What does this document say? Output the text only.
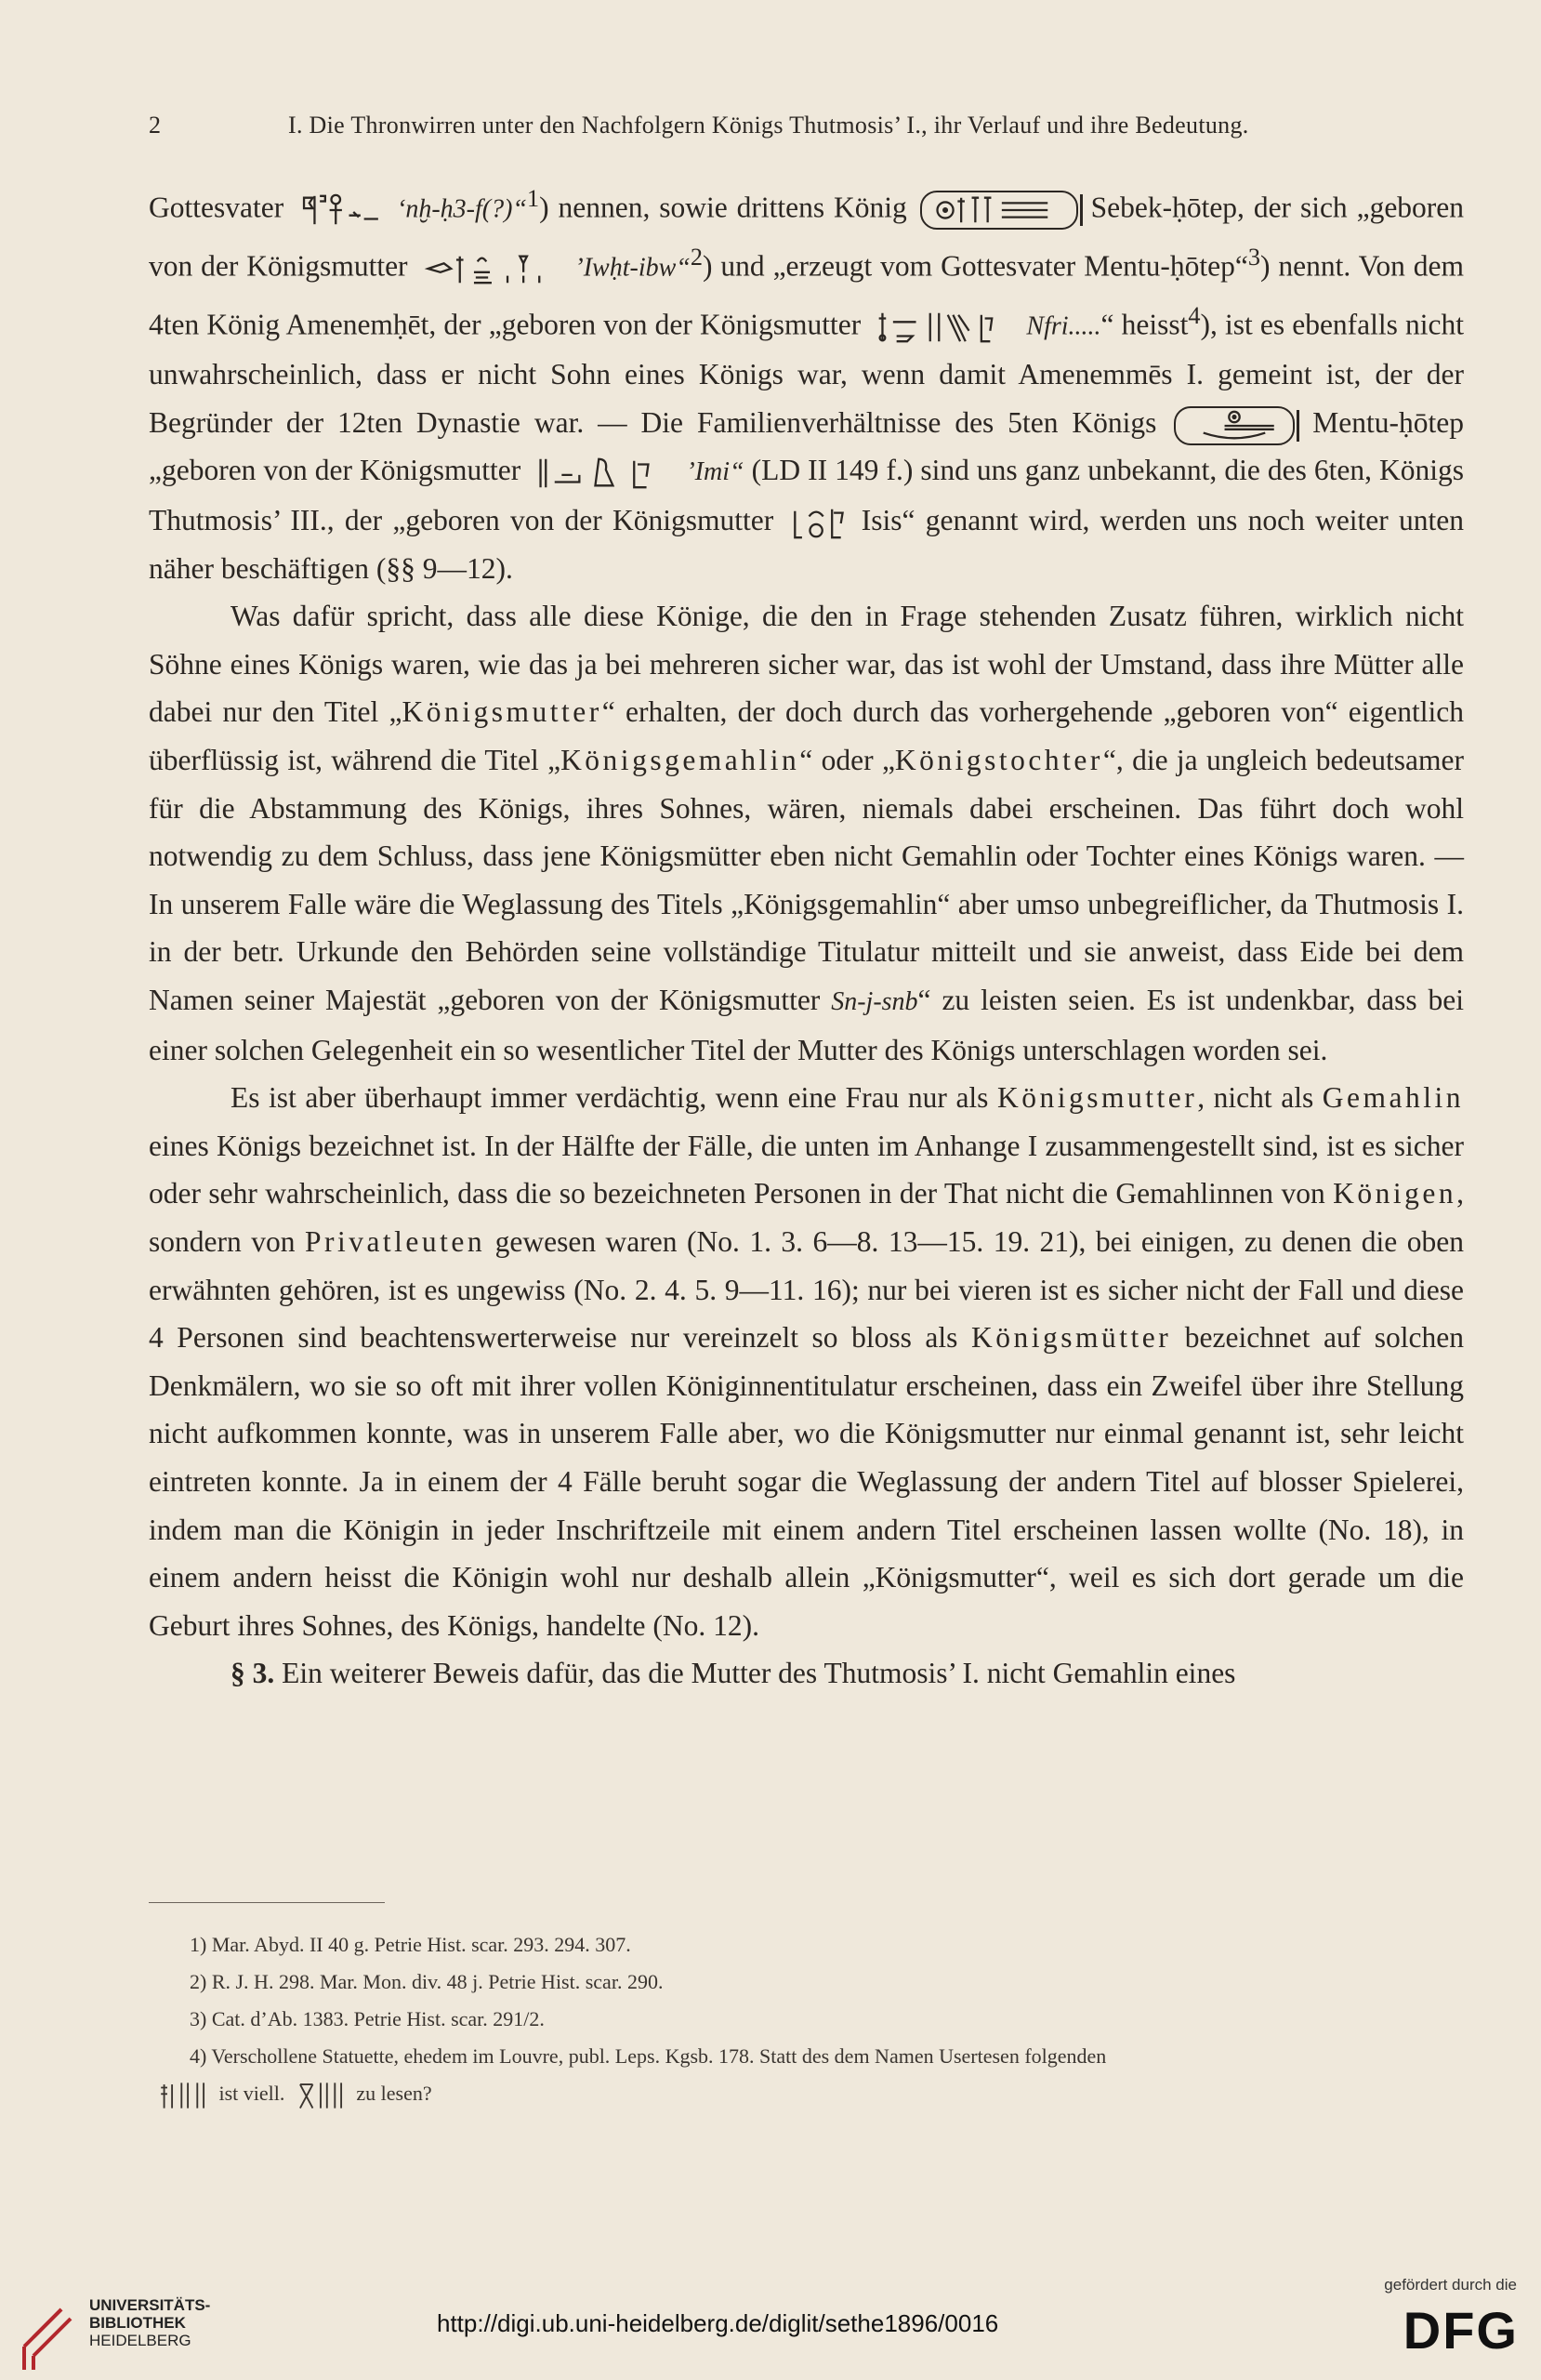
2	I. Die Thronwirren unter den Nachfolgern Königs Thutmosis’ I., ihr Verlauf und ihre Bedeutung.

Gottesvater	‘nḫ-ḥ3-f(?)“$^1$) nennen, sowie drittens König	Sebek-ḥōtep, der sich „geboren von der Königsmutter	’Iwḥt-ibw“$^2$) und „erzeugt vom Gottesvater Mentu-ḥōtep“$^3$) nennt. Von dem 4ten König Amenemḥēt, der „geboren von der Königsmutter	Nfri.....“ heisst$^4$), ist es ebenfalls nicht unwahrscheinlich, dass er nicht Sohn eines Königs war, wenn damit Amenemmēs I. gemeint ist, der der Begründer der 12ten Dynastie war. — Die Familienverhältnisse des 5ten Königs	Mentu-ḥōtep „geboren von der Königsmutter	’Imi“ (LD II 149 f.) sind uns ganz unbekannt, die des 6ten, Königs Thutmosis’ III., der „geboren von der Königsmutter	Isis“ genannt wird, werden uns noch weiter unten näher beschäftigen (§§ 9—12).

Was dafür spricht, dass alle diese Könige, die den in Frage stehenden Zusatz führen, wirklich nicht Söhne eines Königs waren, wie das ja bei mehreren sicher war, das ist wohl der Umstand, dass ihre Mütter alle dabei nur den Titel „Königsmutter“ erhalten, der doch durch das vorhergehende „geboren von“ eigentlich überflüssig ist, während die Titel „Königsgemahlin“ oder „Königstochter“, die ja ungleich bedeutsamer für die Abstammung des Königs, ihres Sohnes, wären, niemals dabei erscheinen. Das führt doch wohl notwendig zu dem Schluss, dass jene Königsmütter eben nicht Gemahlin oder Tochter eines Königs waren. — In unserem Falle wäre die Weglassung des Titels „Königsgemahlin“ aber umso unbegreiflicher, da Thutmosis I. in der betr. Urkunde den Behörden seine vollständige Titulatur mitteilt und sie anweist, dass Eide bei dem Namen seiner Majestät „geboren von der Königsmutter Sn-j-snb“ zu leisten seien. Es ist undenkbar, dass bei einer solchen Gelegenheit ein so wesentlicher Titel der Mutter des Königs unterschlagen worden sei.

Es ist aber überhaupt immer verdächtig, wenn eine Frau nur als Königsmutter, nicht als Gemahlin eines Königs bezeichnet ist. In der Hälfte der Fälle, die unten im Anhange I zusammengestellt sind, ist es sicher oder sehr wahrscheinlich, dass die so bezeichneten Personen in der That nicht die Gemahlinnen von Königen, sondern von Privatleuten gewesen waren (No. 1. 3. 6—8. 13—15. 19. 21), bei einigen, zu denen die oben erwähnten gehören, ist es ungewiss (No. 2. 4. 5. 9—11. 16); nur bei vieren ist es sicher nicht der Fall und diese 4 Personen sind beachtenswerterweise nur vereinzelt so bloss als Königsmütter bezeichnet auf solchen Denkmälern, wo sie so oft mit ihrer vollen Königinnentitulatur erscheinen, dass ein Zweifel über ihre Stellung nicht aufkommen konnte, was in unserem Falle aber, wo die Königsmutter nur einmal genannt ist, sehr leicht eintreten konnte. Ja in einem der 4 Fälle beruht sogar die Weglassung der andern Titel auf blosser Spielerei, indem man die Königin in jeder Inschriftzeile mit einem andern Titel erscheinen lassen wollte (No. 18), in einem andern heisst die Königin wohl nur deshalb allein „Königsmutter“, weil es sich dort gerade um die Geburt ihres Sohnes, des Königs, handelte (No. 12).

§ 3. Ein weiterer Beweis dafür, das die Mutter des Thutmosis’ I. nicht Gemahlin eines

1) Mar. Abyd. II 40 g. Petrie Hist. scar. 293. 294. 307.

2) R. J. H. 298. Mar. Mon. div. 48 j. Petrie Hist. scar. 290.

3) Cat. d’Ab. 1383. Petrie Hist. scar. 291/2.

4) Verschollene Statuette, ehedem im Louvre, publ. Leps. Kgsb. 178. Statt des dem Namen Usertesen folgenden

ist viell.	zu lesen?

UNIVERSITÄTS-
BIBLIOTHEK
HEIDELBERG
http://digi.ub.uni-heidelberg.de/diglit/sethe1896/0016
gefördert durch die
DFG
